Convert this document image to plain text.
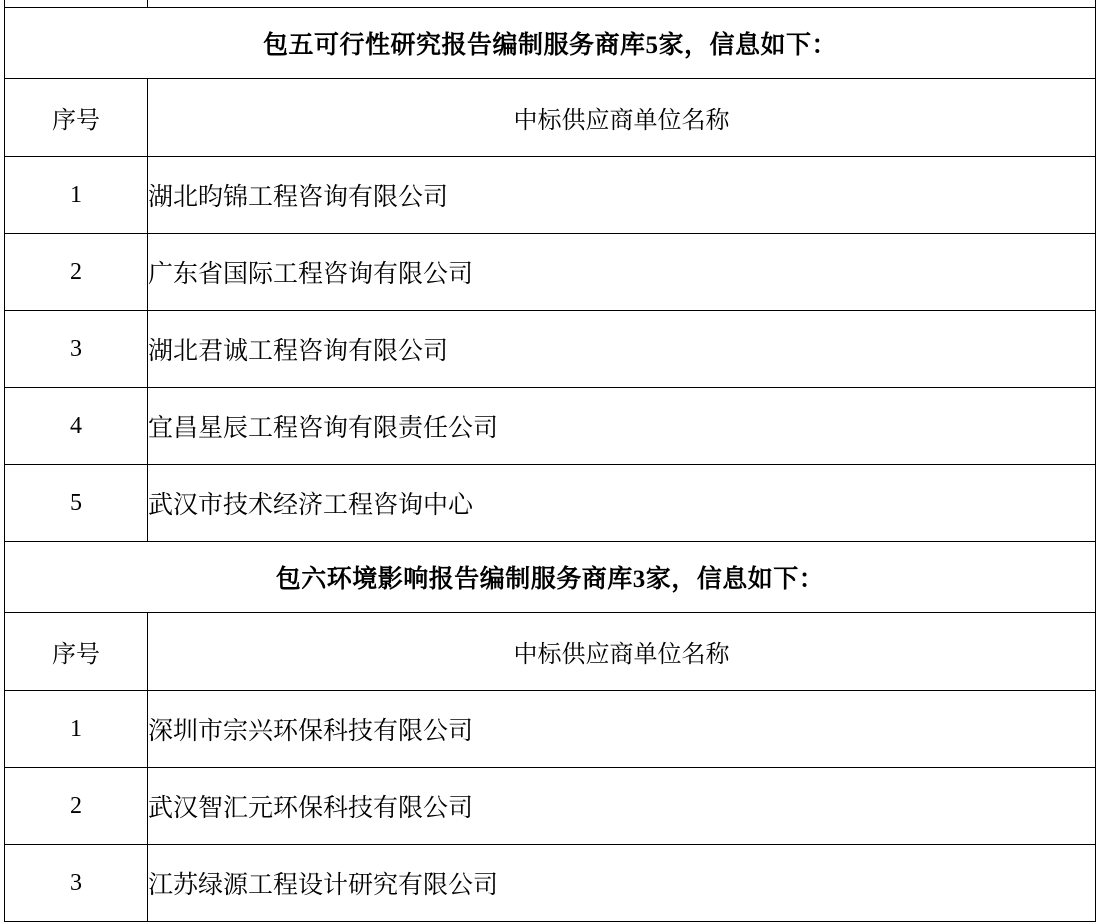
包五可行性研究报告编制服务商库5家，信息如下：	
序号	中标供应商单位名称
1	湖北昀锦工程咨询有限公司
2	广东省国际工程咨询有限公司
3	湖北君诚工程咨询有限公司
4	宜昌星辰工程咨询有限责任公司
5	武汉市技术经济工程咨询中心
包六环境影响报告编制服务商库3家，信息如下：	
序号	中标供应商单位名称
1	深圳市宗兴环保科技有限公司
2	武汉智汇元环保科技有限公司
3	江苏绿源工程设计研究有限公司
